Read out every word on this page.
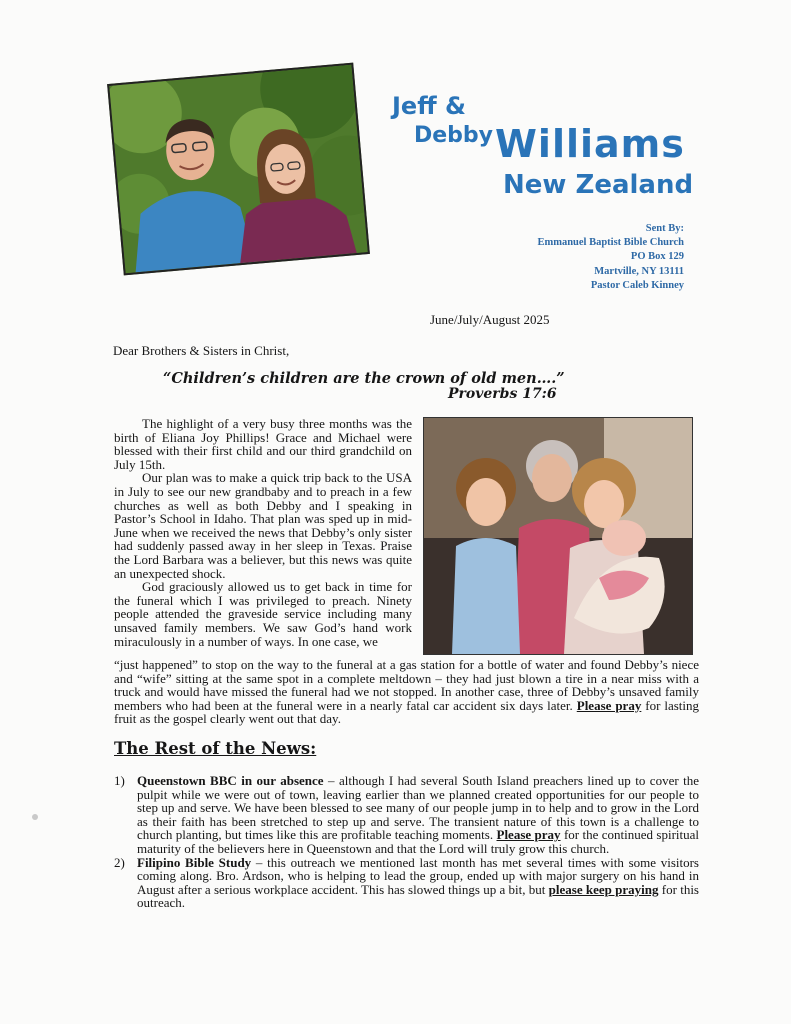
Jeff &
Debby Williams
New Zealand
Sent By:
Emmanuel Baptist Bible Church
PO Box 129
Martville, NY 13111
Pastor Caleb Kinney
June/July/August 2025
Dear Brothers & Sisters in Christ,
“Children’s children are the crown of old men….”
Proverbs 17:6

The highlight of a very busy three months was the birth of Eliana Joy Phillips! Grace and Michael were blessed with their first child and our third grandchild on July 15th.

Our plan was to make a quick trip back to the USA in July to see our new grandbaby and to preach in a few churches as well as both Debby and I speaking in Pastor’s School in Idaho. That plan was sped up in mid-June when we received the news that Debby’s only sister had suddenly passed away in her sleep in Texas. Praise the Lord Barbara was a believer, but this news was quite an unexpected shock.

God graciously allowed us to get back in time for the funeral which I was privileged to preach. Ninety people attended the graveside service including many unsaved family members. We saw God’s hand work miraculously in a number of ways. In one case, we

“just happened” to stop on the way to the funeral at a gas station for a bottle of water and found Debby’s niece and “wife” sitting at the same spot in a complete meltdown – they had just blown a tire in a near miss with a truck and would have missed the funeral had we not stopped. In another case, three of Debby’s unsaved family members who had been at the funeral were in a nearly fatal car accident six days later. Please pray for lasting fruit as the gospel clearly went out that day.

The Rest of the News:
1) Queenstown BBC in our absence – although I had several South Island preachers lined up to cover the pulpit while we were out of town, leaving earlier than we planned created opportunities for our people to step up and serve. We have been blessed to see many of our people jump in to help and to grow in the Lord as their faith has been stretched to step up and serve. The transient nature of this town is a challenge to church planting, but times like this are profitable teaching moments. Please pray for the continued spiritual maturity of the believers here in Queenstown and that the Lord will truly grow this church.
2) Filipino Bible Study – this outreach we mentioned last month has met several times with some visitors coming along. Bro. Ardson, who is helping to lead the group, ended up with major surgery on his hand in August after a serious workplace accident. This has slowed things up a bit, but please keep praying for this outreach.
